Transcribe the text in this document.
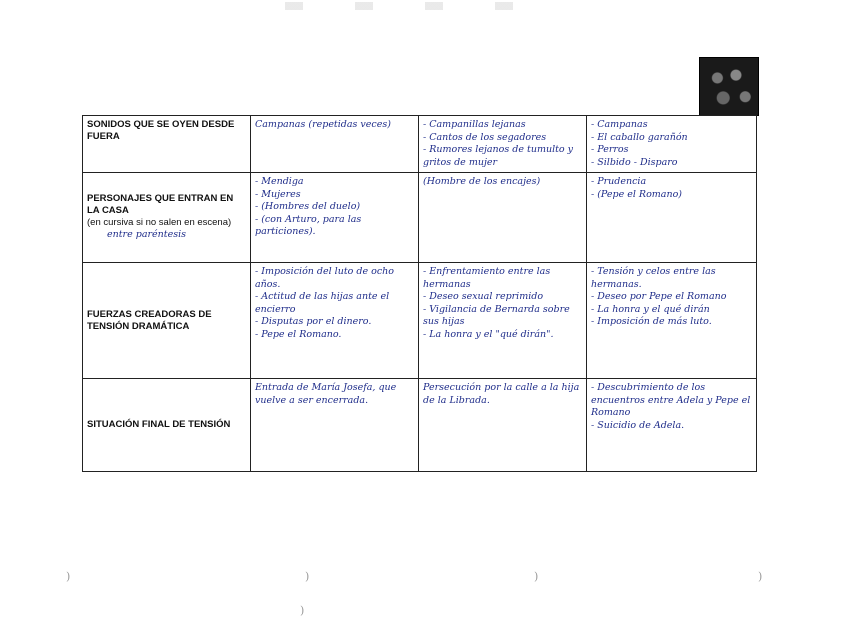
SONIDOS QUE SE OYEN DESDE FUERA	Campanas (repetidas veces)	- Campanillas lejanas
- Cantos de los segadores
- Rumores lejanos de tumulto y gritos de mujer	- Campanas
- El caballo garañón
- Perros
- Silbido - Disparo
PERSONAJES QUE ENTRAN EN LA CASA
(en cursiva si no salen en escena)
entre paréntesis	- Mendiga
- Mujeres
- (Hombres del duelo)
- (con Arturo, para las particiones).	(Hombre de los encajes)	- Prudencia
- (Pepe el Romano)
FUERZAS CREADORAS DE TENSIÓN DRAMÁTICA	- Imposición del luto de ocho años.
- Actitud de las hijas ante el encierro
- Disputas por el dinero.
- Pepe el Romano.	- Enfrentamiento entre las hermanas
- Deseo sexual reprimido
- Vigilancia de Bernarda sobre sus hijas
- La honra y el "qué dirán".	- Tensión y celos entre las hermanas.
- Deseo por Pepe el Romano
- La honra y el qué dirán
- Imposición de más luto.
SITUACIÓN FINAL DE TENSIÓN	Entrada de María Josefa, que vuelve a ser encerrada.	Persecución por la calle a la hija de la Librada.	- Descubrimiento de los encuentros entre Adela y Pepe el Romano
- Suicidio de Adela.
)	)	)	)
)
